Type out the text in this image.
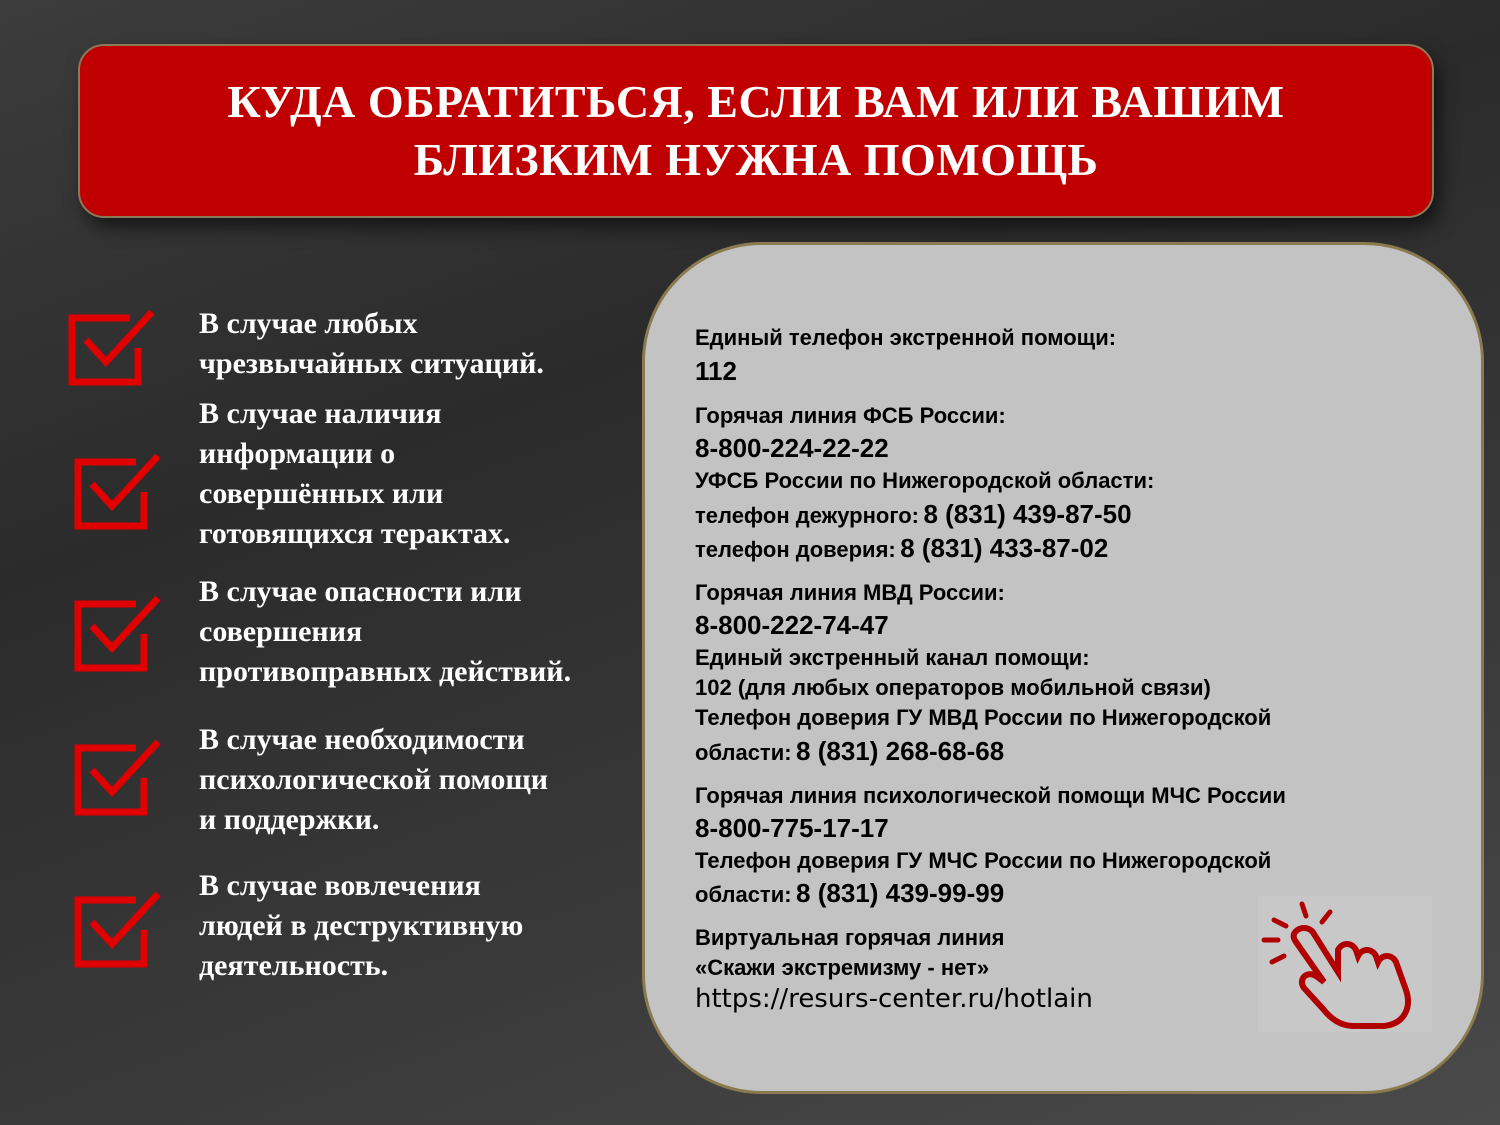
КУДА ОБРАТИТЬСЯ, ЕСЛИ ВАМ ИЛИ ВАШИМ
БЛИЗКИМ НУЖНА ПОМОЩЬ
В случае любых
чрезвычайных ситуаций.
В случае наличия
информации о
совершённых или
готовящихся терактах.
В случае опасности или
совершения
противоправных действий.
В случае необходимости
психологической помощи
и поддержки.
В случае вовлечения
людей в деструктивную
деятельность.
Единый телефон экстренной помощи:
112
Горячая линия ФСБ России:
8-800-224-22-22
УФСБ России по Нижегородской области:
телефон дежурного: 8 (831) 439-87-50
телефон доверия: 8 (831) 433-87-02
Горячая линия МВД России:
8-800-222-74-47
Единый экстренный канал помощи:
102 (для любых операторов мобильной связи)
Телефон доверия ГУ МВД России по Нижегородской
области: 8 (831) 268-68-68
Горячая линия психологической помощи МЧС России
8-800-775-17-17
Телефон доверия ГУ МЧС России по Нижегородской
области: 8 (831) 439-99-99
Виртуальная горячая линия
«Скажи экстремизму - нет»
https://resurs-center.ru/hotlain
